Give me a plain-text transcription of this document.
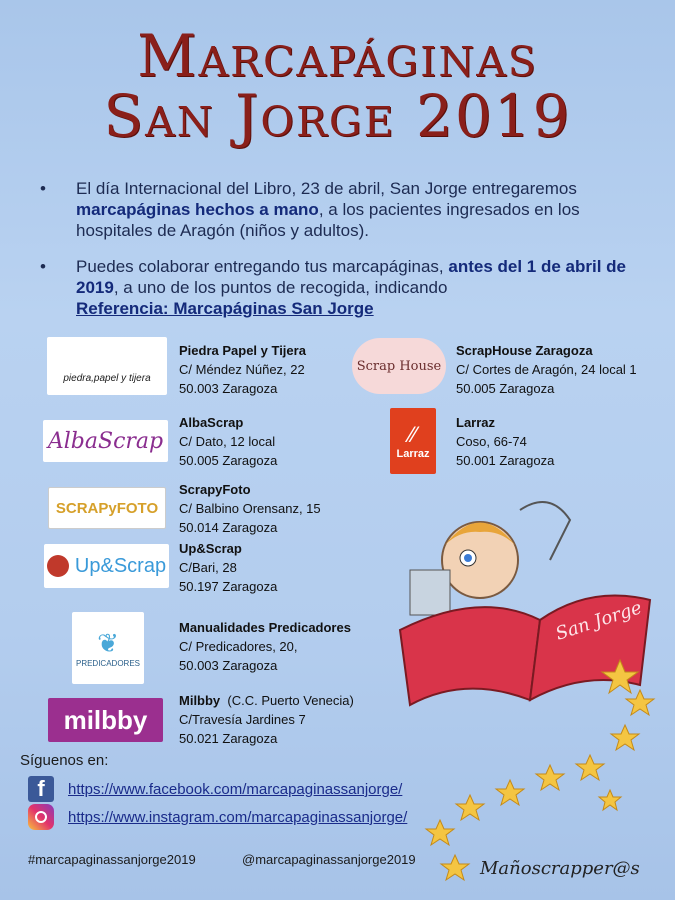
Marcapáginas
San Jorge 2019
• El día Internacional del Libro, 23 de abril, San Jorge entregaremos marcapáginas hechos a mano, a los pacientes ingresados en los hospitales de Aragón (niños y adultos).
• Puedes colaborar entregando tus marcapáginas, antes del 1 de abril de 2019, a uno de los puntos de recogida, indicando
Referencia: Marcapáginas San Jorge
piedra,papel y tijera
AlbaScrap
SCRAPyFOTO
Up&Scrap
❦
PREDICADORES
milbby
Piedra Papel y Tijera
C/ Méndez Núñez, 22
50.003 Zaragoza
AlbaScrap
C/ Dato, 12 local
50.005 Zaragoza
ScrapyFoto
C/ Balbino Orensanz, 15
50.014 Zaragoza
Up&Scrap
C/Bari, 28
50.197 Zaragoza
Manualidades Predicadores
C/ Predicadores, 20,
50.003 Zaragoza
Milbby (C.C. Puerto Venecia)
C/Travesía Jardines 7
50.021 Zaragoza
Scrap House
⁄⁄
Larraz
ScrapHouse Zaragoza
C/ Cortes de Aragón, 24 local 1
50.005 Zaragoza
Larraz
Coso, 66-74
50.001 Zaragoza
San Jorge
Síguenos en:
f	https://www.facebook.com/marcapaginassanjorge/
https://www.instagram.com/marcapaginassanjorge/
#marcapaginassanjorge2019	@marcapaginassanjorge2019	Mañoscrapper@s
